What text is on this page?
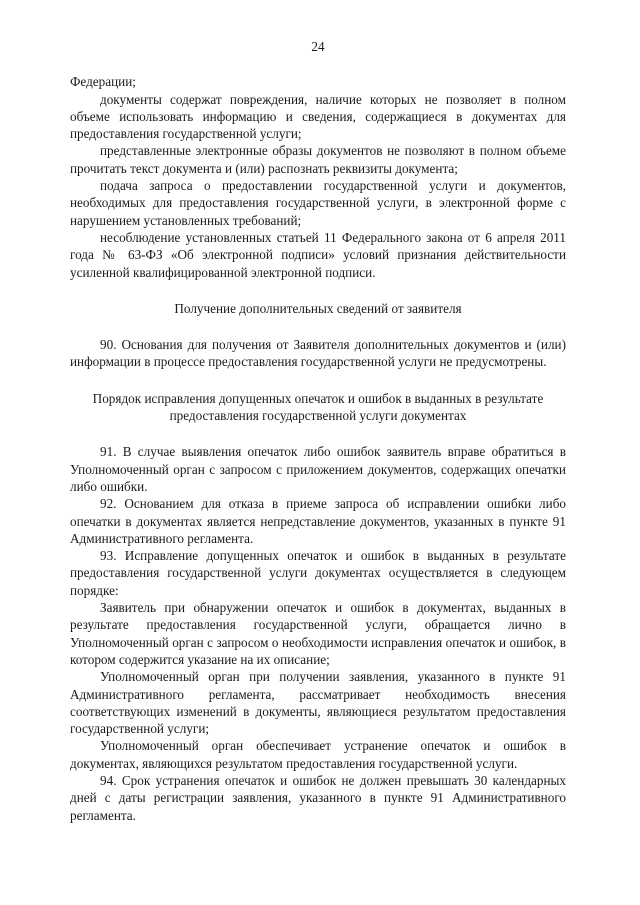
24

Федерации;

документы содержат повреждения, наличие которых не позволяет в полном объеме использовать информацию и сведения, содержащиеся в документах для предоставления государственной услуги;

представленные электронные образы документов не позволяют в полном объеме прочитать текст документа и (или) распознать реквизиты документа;

подача запроса о предоставлении государственной услуги и документов, необходимых для предоставления государственной услуги, в электронной форме с нарушением установленных требований;

несоблюдение установленных статьей 11 Федерального закона от 6 апреля 2011 года № 63-ФЗ «Об электронной подписи» условий признания действительности усиленной квалифицированной электронной подписи.

Получение дополнительных сведений от заявителя

90. Основания для получения от Заявителя дополнительных документов и (или) информации в процессе предоставления государственной услуги не предусмотрены.

Порядок исправления допущенных опечаток и ошибок в выданных в результате предоставления государственной услуги документах

91. В случае выявления опечаток либо ошибок заявитель вправе обратиться в Уполномоченный орган с запросом с приложением документов, содержащих опечатки либо ошибки.

92. Основанием для отказа в приеме запроса об исправлении ошибки либо опечатки в документах является непредставление документов, указанных в пункте 91 Административного регламента.

93. Исправление допущенных опечаток и ошибок в выданных в результате предоставления государственной услуги документах осуществляется в следующем порядке:

Заявитель при обнаружении опечаток и ошибок в документах, выданных в результате предоставления государственной услуги, обращается лично в Уполномоченный орган с запросом о необходимости исправления опечаток и ошибок, в котором содержится указание на их описание;

Уполномоченный орган при получении заявления, указанного в пункте 91 Административного регламента, рассматривает необходимость внесения соответствующих изменений в документы, являющиеся результатом предоставления государственной услуги;

Уполномоченный орган обеспечивает устранение опечаток и ошибок в документах, являющихся результатом предоставления государственной услуги.

94. Срок устранения опечаток и ошибок не должен превышать 30 календарных дней с даты регистрации заявления, указанного в пункте 91 Административного регламента.
